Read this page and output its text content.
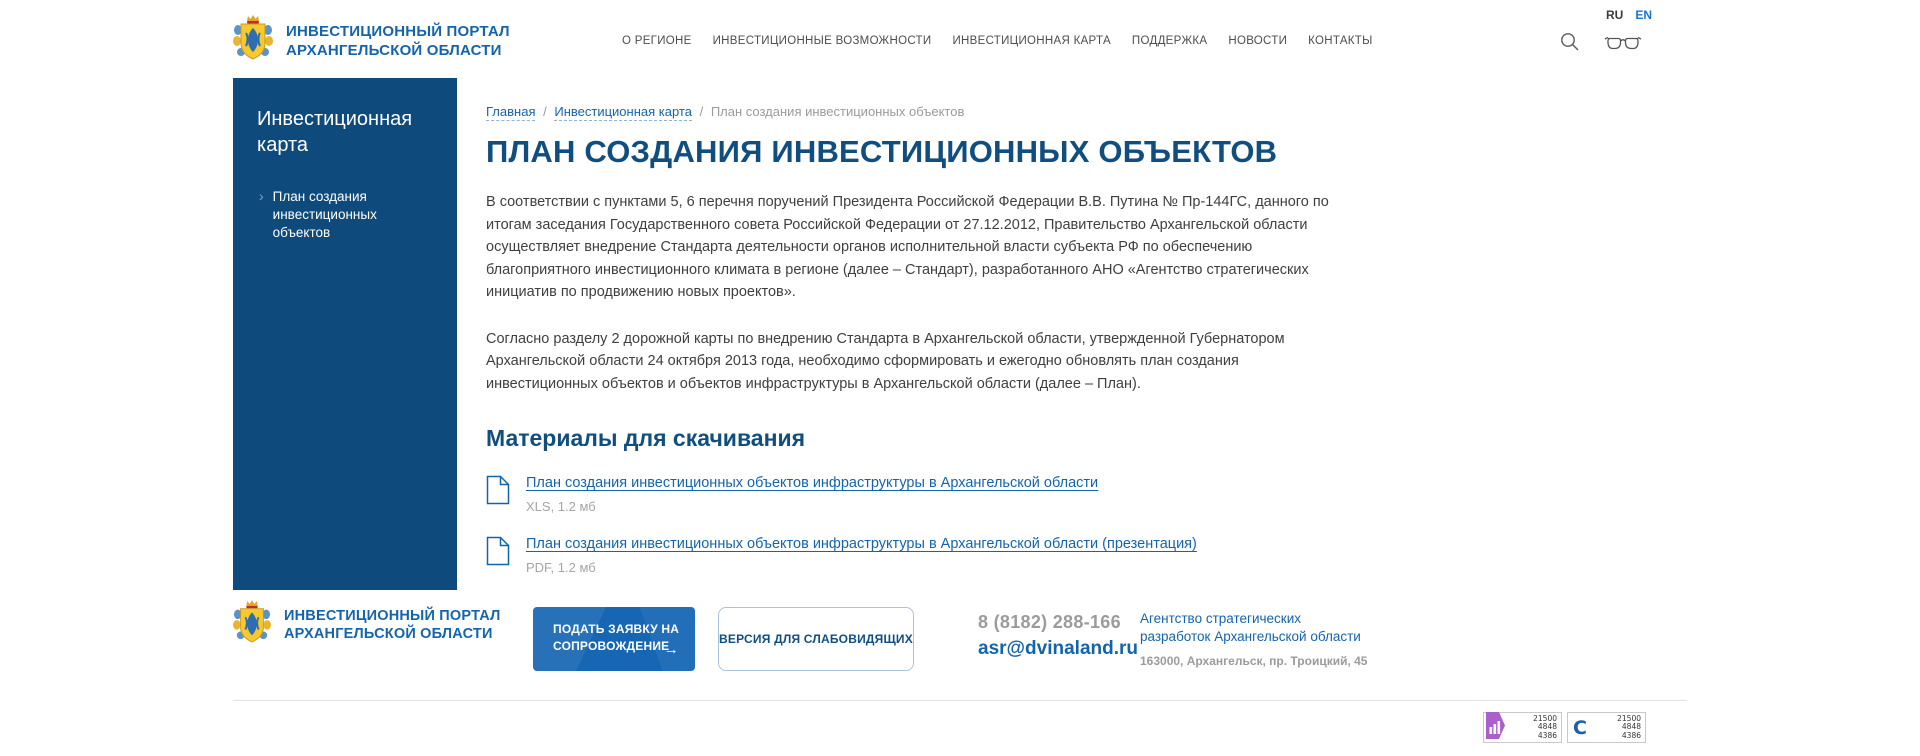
ИНВЕСТИЦИОННЫЙ ПОРТАЛ
АРХАНГЕЛЬСКОЙ ОБЛАСТИ
О РЕГИОНЕ ИНВЕСТИЦИОННЫЕ ВОЗМОЖНОСТИ ИНВЕСТИЦИОННАЯ КАРТА ПОДДЕРЖКА НОВОСТИ КОНТАКТЫ
RU EN
Инвестиционная карта
› План создания инвестиционных объектов
Главная / Инвестиционная карта / План создания инвестиционных объектов
ПЛАН СОЗДАНИЯ ИНВЕСТИЦИОННЫХ ОБЪЕКТОВ

В соответствии с пунктами 5, 6 перечня поручений Президента Российской Федерации В.В. Путина № Пр-144ГС, данного по итогам заседания Государственного совета Российской Федерации от 27.12.2012, Правительство Архангельской области осуществляет внедрение Стандарта деятельности органов исполнительной власти субъекта РФ по обеспечению благоприятного инвестиционного климата в регионе (далее – Стандарт), разработанного АНО «Агентство стратегических инициатив по продвижению новых проектов».

Согласно разделу 2 дорожной карты по внедрению Стандарта в Архангельской области, утвержденной Губернатором Архангельской области 24 октября 2013 года, необходимо сформировать и ежегодно обновлять план создания инвестиционных объектов и объектов инфраструктуры в Архангельской области (далее – План).

Материалы для скачивания
План создания инвестиционных объектов инфраструктуры в Архангельской области
XLS, 1.2 мб
План создания инвестиционных объектов инфраструктуры в Архангельской области (презентация)
PDF, 1.2 мб
ИНВЕСТИЦИОННЫЙ ПОРТАЛ
АРХАНГЕЛЬСКОЙ ОБЛАСТИ	ПОДАТЬ ЗАЯВКУ НА СОПРОВОЖДЕНИЕ
→
ВЕРСИЯ ДЛЯ СЛАБОВИДЯЩИХ
8 (8182) 288-166
asr@dvinaland.ru
Агентство стратегических разработок Архангельской области
163000, Архангельск, пр. Троицкий, 45
21500
4848
4386 C	21500
4848
4386
